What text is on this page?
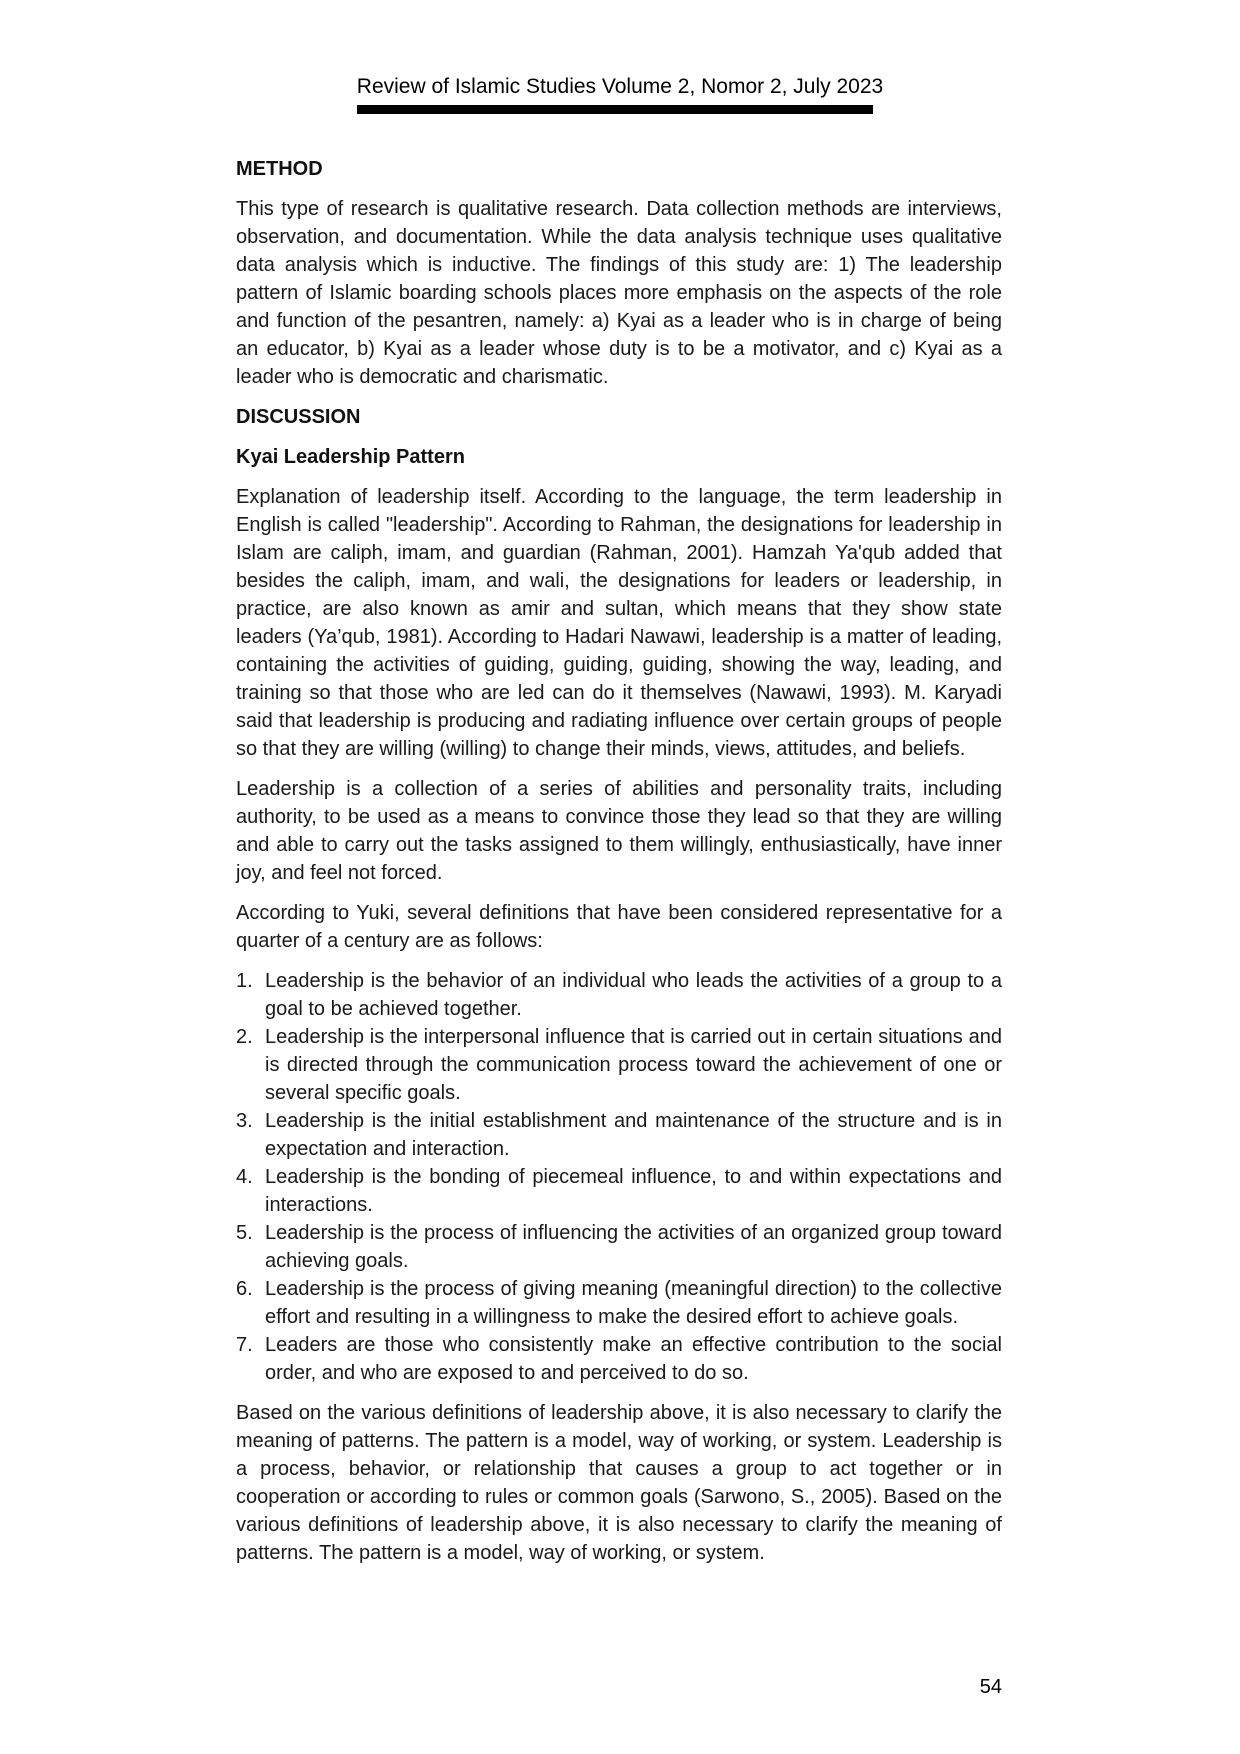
Review of Islamic Studies Volume 2, Nomor 2, July 2023
METHOD

This type of research is qualitative research. Data collection methods are interviews, observation, and documentation. While the data analysis technique uses qualitative data analysis which is inductive. The findings of this study are: 1) The leadership pattern of Islamic boarding schools places more emphasis on the aspects of the role and function of the pesantren, namely: a) Kyai as a leader who is in charge of being an educator, b) Kyai as a leader whose duty is to be a motivator, and c) Kyai as a leader who is democratic and charismatic.

DISCUSSION
Kyai Leadership Pattern

Explanation of leadership itself. According to the language, the term leadership in English is called "leadership". According to Rahman, the designations for leadership in Islam are caliph, imam, and guardian (Rahman, 2001). Hamzah Ya'qub added that besides the caliph, imam, and wali, the designations for leaders or leadership, in practice, are also known as amir and sultan, which means that they show state leaders (Ya’qub, 1981). According to Hadari Nawawi, leadership is a matter of leading, containing the activities of guiding, guiding, guiding, showing the way, leading, and training so that those who are led can do it themselves (Nawawi, 1993). M. Karyadi said that leadership is producing and radiating influence over certain groups of people so that they are willing (willing) to change their minds, views, attitudes, and beliefs.

Leadership is a collection of a series of abilities and personality traits, including authority, to be used as a means to convince those they lead so that they are willing and able to carry out the tasks assigned to them willingly, enthusiastically, have inner joy, and feel not forced.

According to Yuki, several definitions that have been considered representative for a quarter of a century are as follows:

1. Leadership is the behavior of an individual who leads the activities of a group to a goal to be achieved together.
2. Leadership is the interpersonal influence that is carried out in certain situations and is directed through the communication process toward the achievement of one or several specific goals.
3. Leadership is the initial establishment and maintenance of the structure and is in expectation and interaction.
4. Leadership is the bonding of piecemeal influence, to and within expectations and interactions.
5. Leadership is the process of influencing the activities of an organized group toward achieving goals.
6. Leadership is the process of giving meaning (meaningful direction) to the collective effort and resulting in a willingness to make the desired effort to achieve goals.
7. Leaders are those who consistently make an effective contribution to the social order, and who are exposed to and perceived to do so.

Based on the various definitions of leadership above, it is also necessary to clarify the meaning of patterns. The pattern is a model, way of working, or system. Leadership is a process, behavior, or relationship that causes a group to act together or in cooperation or according to rules or common goals (Sarwono, S., 2005). Based on the various definitions of leadership above, it is also necessary to clarify the meaning of patterns. The pattern is a model, way of working, or system.

54
